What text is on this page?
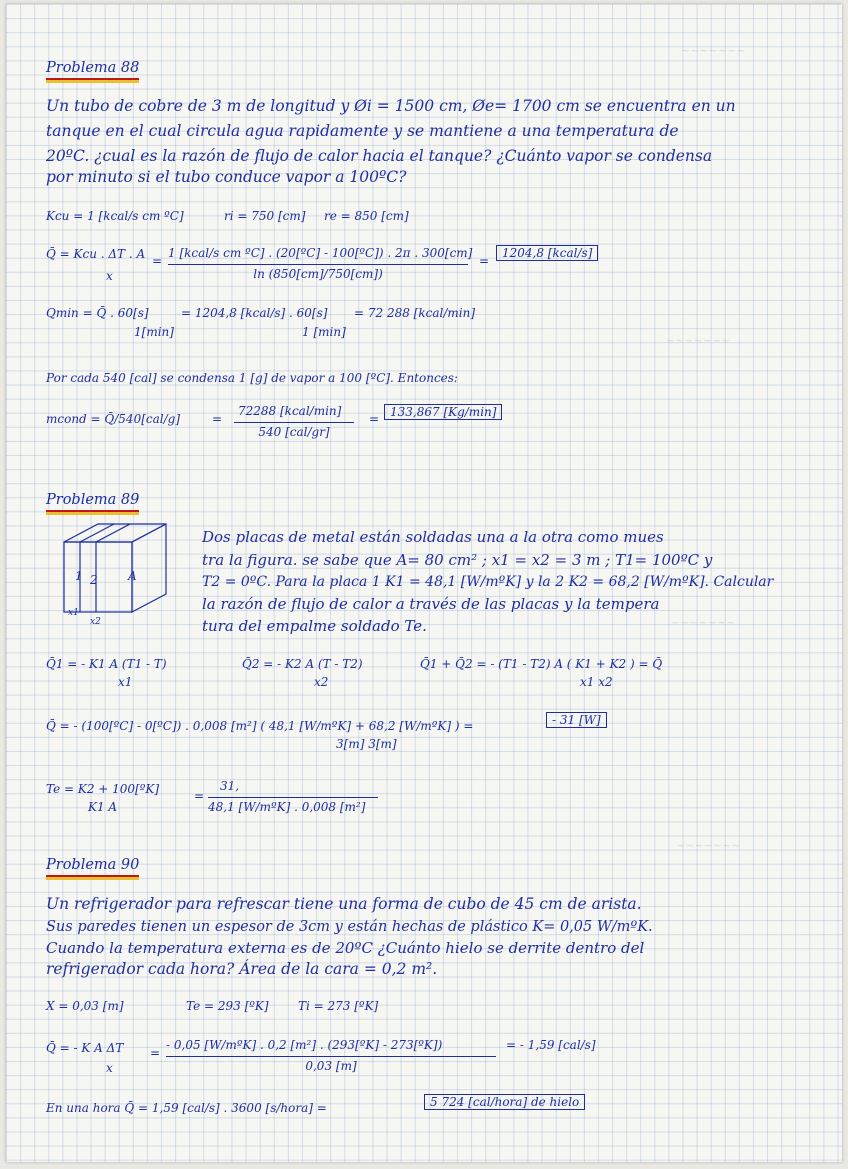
~~~~~~~
~~~~~~~
~~~~~~~
~~~~~~~
Problema 88
Un tubo de cobre de 3 m de longitud y Øi = 1500 cm, Øe= 1700 cm se encuentra en un
tanque en el cual circula agua rapidamente y se mantiene a una temperatura de
20ºC. ¿cual es la razón de flujo de calor hacia el tanque? ¿Cuánto vapor se condensa
por minuto si el tubo conduce vapor a 100ºC?
Kcu = 1 [kcal/s cm ºC]	ri = 750 [cm] re = 850 [cm]
Q̄ = Kcu . ΔT . A
x
=
1 [kcal/s cm ºC] . (20[ºC] - 100[ºC]) . 2π . 300[cm]
ln (850[cm]/750[cm])
=
1204,8 [kcal/s]
Qmin = Q̄ . 60[s]
1[min]
= 1204,8 [kcal/s] . 60[s]
1 [min]
= 72 288 [kcal/min]
Por cada 540 [cal] se condensa 1 [g] de vapor a 100 [ºC]. Entonces:
mcond = Q̄/540[cal/g]	=
72288 [kcal/min]
540 [cal/gr]
= 133,867 [Kg/min]
Problema 89
1 2	A
x1
x2
Dos placas de metal están soldadas una a la otra como mues
tra la figura. se sabe que A= 80 cm² ; x1 = x2 = 3 m ; T1= 100ºC y
T2 = 0ºC. Para la placa 1 K1 = 48,1 [W/mºK] y la 2 K2 = 68,2 [W/mºK]. Calcular
la razón de flujo de calor a través de las placas y la tempera
tura del empalme soldado Te.
Q̄1 = - K1 A (T1 - T)
x1
Q̄2 = - K2 A (T - T2)
x2
Q̄1 + Q̄2 = - (T1 - T2) A ( K1 + K2 ) = Q̄
x1 x2
Q̄ = - (100[ºC] - 0[ºC]) . 0,008 [m²] ( 48,1 [W/mºK] + 68,2 [W/mºK] ) =
3[m] 3[m]
- 31 [W]
Te = K2 + 100[ºK]
K1 A
=
31,
48,1 [W/mºK] . 0,008 [m²]
Problema 90
Un refrigerador para refrescar tiene una forma de cubo de 45 cm de arista.
Sus paredes tienen un espesor de 3cm y están hechas de plástico K= 0,05 W/mºK.
Cuando la temperatura externa es de 20ºC ¿Cuánto hielo se derrite dentro del
refrigerador cada hora? Área de la cara = 0,2 m².
X = 0,03 [m]	Te = 293 [ºK] Ti = 273 [ºK]
Q̄ = - K A ΔT
x
=
- 0,05 [W/mºK] . 0,2 [m²] . (293[ºK] - 273[ºK])
0,03 [m]
= - 1,59 [cal/s]
En una hora Q̄ = 1,59 [cal/s] . 3600 [s/hora] =	5 724 [cal/hora] de hielo
